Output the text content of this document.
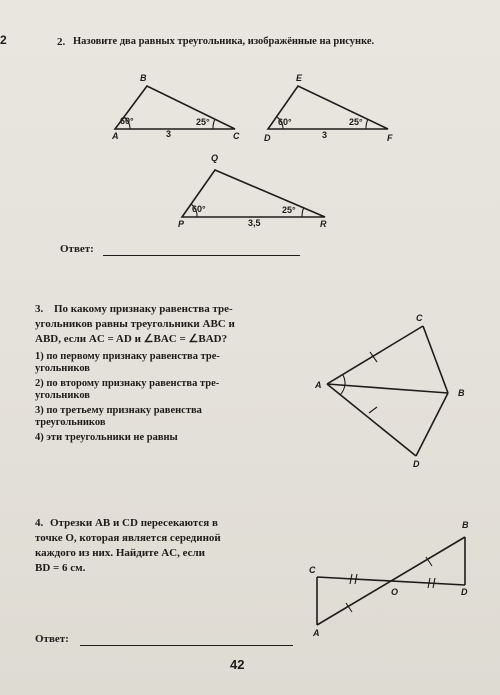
2	2. Назовите два равных треугольника, изображённые на рисунке.
B
A	C
60°	25°
3
E
D	F
60°	25°
3
Q
P	R
60°	25°
3,5
Ответ:
3. По какому признаку равенства тре-
угольников равны треугольники ABC и
ABD, если AC = AD и ∠BAC = ∠BAD?
1) по первому признаку равенства тре-
угольников
2) по второму признаку равенства тре-
угольников
3) по третьему признаку равенства
треугольников
4) эти треугольники не равны
C
A
B
D
4. Отрезки AB и CD пересекаются в
точке O, которая является серединой
каждого из них. Найдите AC, если
BD = 6 см.
B
C
O	D
A
Ответ:
42
